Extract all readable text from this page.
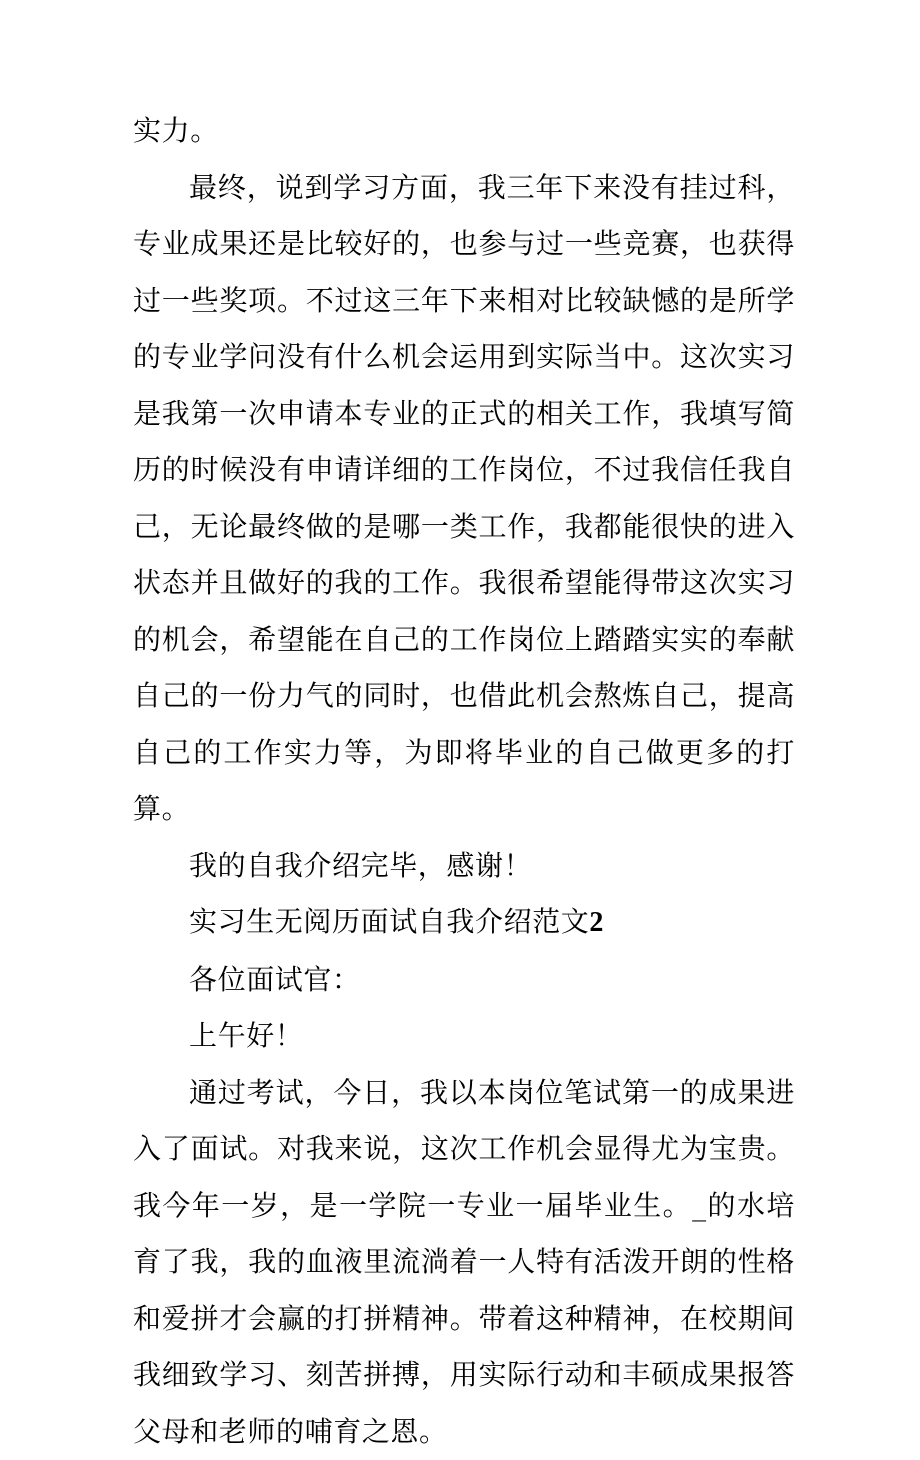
实力。

最终，说到学习方面，我三年下来没有挂过科，专业成果还是比较好的，也参与过一些竞赛，也获得过一些奖项。不过这三年下来相对比较缺憾的是所学的专业学问没有什么机会运用到实际当中。这次实习是我第一次申请本专业的正式的相关工作，我填写简历的时候没有申请详细的工作岗位，不过我信任我自己，无论最终做的是哪一类工作，我都能很快的进入状态并且做好的我的工作。我很希望能得带这次实习的机会，希望能在自己的工作岗位上踏踏实实的奉献自己的一份力气的同时，也借此机会熬炼自己，提高自己的工作实力等，为即将毕业的自己做更多的打算。

我的自我介绍完毕，感谢！

实习生无阅历面试自我介绍范文2

各位面试官：

上午好！

通过考试，今日，我以本岗位笔试第一的成果进入了面试。对我来说，这次工作机会显得尤为宝贵。我今年一岁，是一学院一专业一届毕业生。_的水培育了我，我的血液里流淌着一人特有活泼开朗的性格和爱拼才会赢的打拼精神。带着这种精神，在校期间我细致学习、刻苦拼搏，用实际行动和丰硕成果报答父母和老师的哺育之恩。
